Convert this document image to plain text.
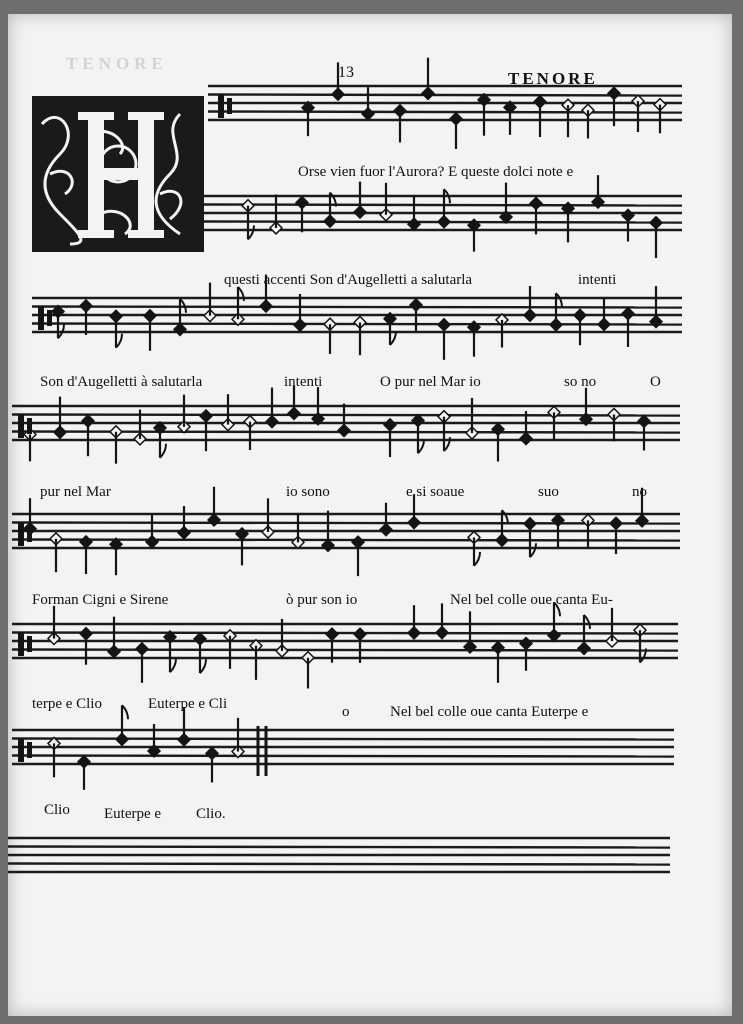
TENORE	13	TENORE
H
Orse vien fuor l'Aurora? E queste dolci note e
questi accenti Son d'Augelletti a salutarla	intenti
Son d'Augelletti à salutarla	intenti	O pur nel Mar io	so no	O
pur nel Mar	io sono	e si soaue	suo	no
Forman Cigni e Sirene	ò pur son io	Nel bel colle oue canta Eu-
terpe e Clio	Euterpe e Cli	o	Nel bel colle oue canta Euterpe e
Clio Euterpe e Clio.
